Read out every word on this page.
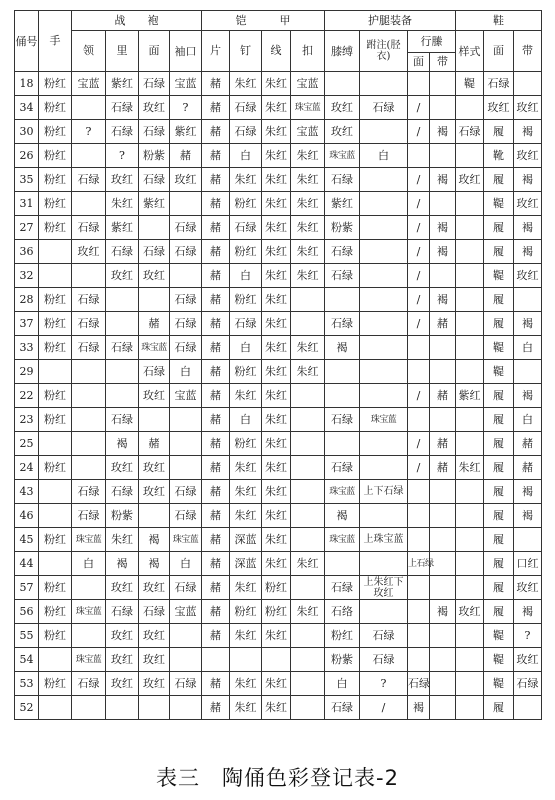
俑号	手	战　　袍				铠　　　甲				护腿装备				鞋			
		领	里	面	袖口	片	钉	线	扣	膝缚	跗注(胫衣)	行縢		样式	面	带	
												面	带				
18	粉红	宝蓝	紫红	石绿	宝蓝	赭	朱红	朱红	宝蓝					鞮	石绿		
34	粉红		石绿	玫红	?	赭	石绿	朱红	珠宝蓝	玫红	石绿	/			玫红	玫红	
30	粉红	?	石绿	石绿	紫红	赭	石绿	朱红	宝蓝	玫红		/	褐	石绿	履	褐	
26	粉红		?	粉紫	赭	赭	白	朱红	朱红	珠宝蓝	白				靴	玫红	
35	粉红	石绿	玫红	石绿	玫红	赭	朱红	朱红	朱红	石绿		/	褐	玫红	履	褐	
31	粉红		朱红	紫红		赭	粉红	朱红	朱红	紫红		/			鞮	玫红	
27	粉红	石绿	紫红		石绿	赭	石绿	朱红	朱红	粉紫		/	褐		履	褐	
36		玫红	石绿	石绿	石绿	赭	粉红	朱红	朱红	石绿		/	褐		履	褐	
32			玫红	玫红		赭	白	朱红	朱红	石绿		/			鞮	玫红	
28	粉红	石绿			石绿	赭	粉红	朱红				/	褐		履		
37	粉红	石绿		赭	石绿	赭	石绿	朱红		石绿		/	赭		履	褐	
33	粉红	石绿	石绿	珠宝蓝	石绿	赭	白	朱红	朱红	褐					鞮	白	
29				石绿	白	赭	粉红	朱红	朱红						鞮		
22	粉红			玫红	宝蓝	赭	朱红	朱红				/	赭	紫红	履	褐	
23	粉红		石绿			赭	白	朱红		石绿	珠宝蓝				履	白	
25			褐	赭		赭	粉红	朱红				/	赭		履	赭	
24	粉红		玫红	玫红		赭	朱红	朱红		石绿		/	赭	朱红	履	赭	
43		石绿	石绿	玫红	石绿	赭	朱红	朱红		珠宝蓝	上下石绿				履	褐	
46		石绿	粉紫		石绿	赭	朱红	朱红		褐					履	褐	
45	粉红	珠宝蓝	朱红	褐	珠宝蓝	赭	深蓝	朱红		珠宝蓝	上珠宝蓝				履		
44		白	褐	褐	白	赭	深蓝	朱红	朱红			上石绿			履	口红	
57	粉红		玫红	玫红	石绿	赭	朱红	粉红		石绿	上朱红下玫红				履	玫红	
56	粉红	珠宝蓝	石绿	石绿	宝蓝	赭	粉红	粉红	朱红	石络			褐	玫红	履	褐	
55	粉红		玫红	玫红		赭	朱红	朱红		粉红	石绿				鞮	?	
54		珠宝蓝	玫红	玫红						粉紫	石绿				鞮	玫红	
53	粉红	石绿	玫红	玫红	石绿	赭	朱红	朱红		白	?	石绿			鞮	石绿	
52						赭	朱红	朱红		石绿	/	褐			履		
表三　陶俑色彩登记表-2
